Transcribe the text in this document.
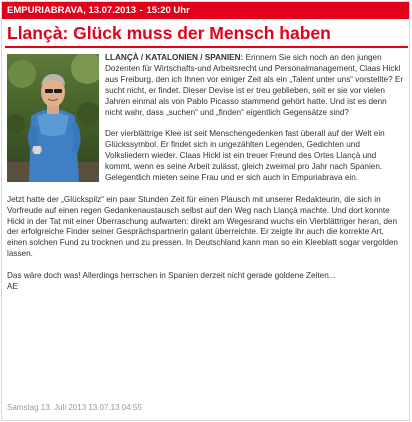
EMPURIABRAVA, 13.07.2013 - 15:20 Uhr
Llançà: Glück muss der Mensch haben

LLANÇÀ / KATALONIEN / SPANIEN: Erinnern Sie sich noch an den jungen Dozenten für Wirtschafts-und Arbeitsrecht und Personalmanagement, Claas Hickl aus Freiburg, den ich Ihnen vor einiger Zeit als ein „Talent unter uns“ vorstellte? Er sucht nicht, er findet. Dieser Devise ist er treu geblieben, seit er sie vor vielen Jahren einmal als von Pablo Picasso stammend gehört hatte. Und ist es denn nicht wahr, dass „suchen“ und „finden“ eigentlich Gegensätze sind?

Der vierblättrige Klee ist seit Menschengedenken fast überall auf der Welt ein Glückssymbol. Er findet sich in ungezählten Legenden, Gedichten und Volksliedern wieder. Claas Hickl ist ein treuer Freund des Ortes Llançà und kommt, wenn es seine Arbeit zulässt, gleich zweimal pro Jahr nach Spanien. Gelegentlich mieten seine Frau und er sich auch in Empuriabrava ein.

Jetzt hatte der „Glückspilz“ ein paar Stunden Zeit für einen Plausch mit unserer Redakteurin, die sich in Vorfreude auf einen regen Gedankenaustausch selbst auf den Weg nach Llançà machte. Und dort konnte Hickl in der Tat mit einer Überraschung aufwarten: direkt am Wegesrand wuchs ein Vierblättriger heran, den der erfolgreiche Finder seiner Gesprächspartnerin galant überreichte. Er zeigte ihr auch die korrekte Art, einen solchen Fund zu trocknen und zu pressen. In Deutschland kann man so ein Kleeblatt sogar vergolden lassen.

Das wäre doch was! Allerdings herrschen in Spanien derzeit nicht gerade goldene Zeiten...

AE
Samstag 13. Juli 2013 13.07.13 04:55
